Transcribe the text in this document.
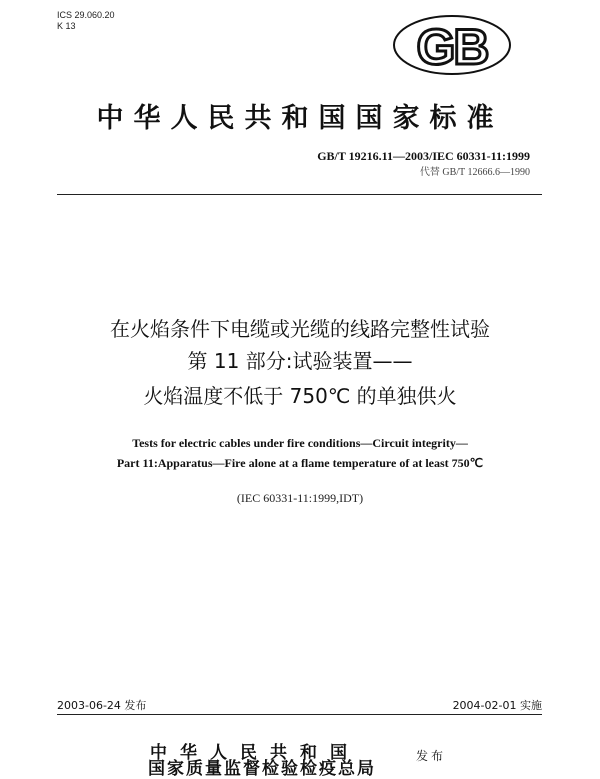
ICS 29.060.20
K 13	GB
中华人民共和国国家标准
GB/T 19216.11—2003/IEC 60331-11:1999
代替 GB/T 12666.6—1990
在火焰条件下电缆或光缆的线路完整性试验
第 11 部分:试验装置——
火焰温度不低于 750℃ 的单独供火
Tests for electric cables under fire conditions—Circuit integrity—
Part 11:Apparatus—Fire alone at a flame temperature of at least 750℃
(IEC 60331-11:1999,IDT)
2003-06-24 发布	2004-02-01 实施
中华人民共和国
国家质量监督检验检疫总局
发布
